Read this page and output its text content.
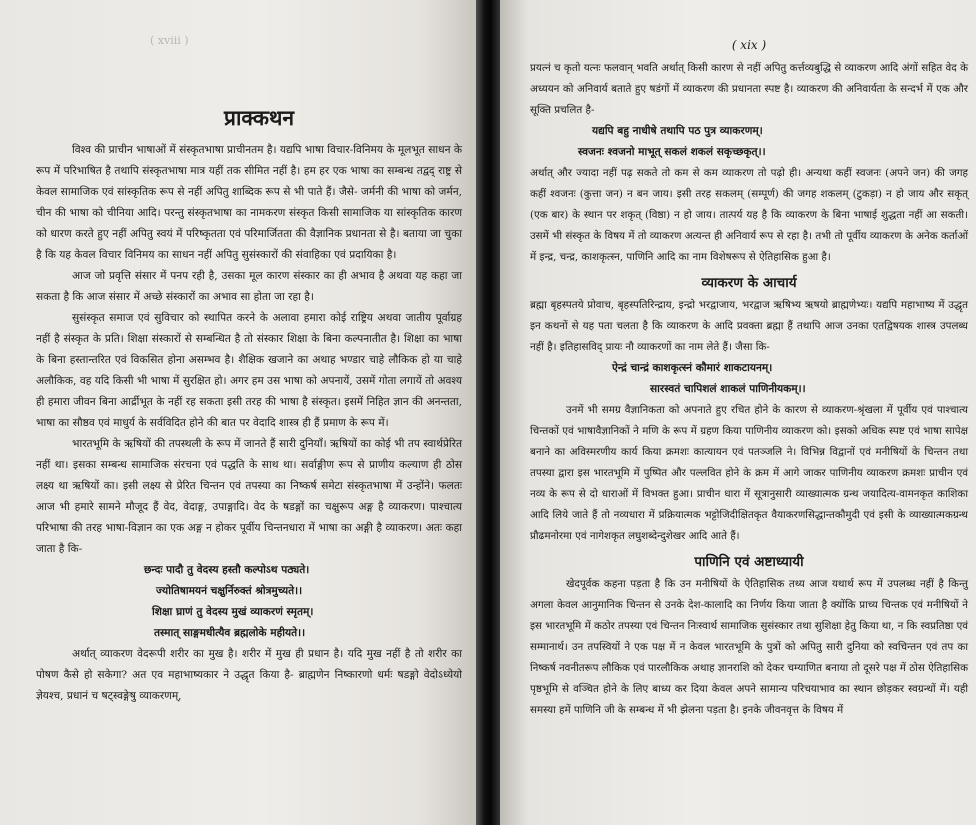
( xviii )
प्राक्कथन

विश्व की प्राचीन भाषाओं में संस्कृतभाषा प्राचीनतम है। यद्यपि भाषा विचार-विनिमय के मूलभूत साधन के रूप में परिभाषित है तथापि संस्कृतभाषा मात्र यहीं तक सीमित नहीं है। हम हर एक भाषा का सम्बन्ध तद्वद् राष्ट्र से केवल सामाजिक एवं सांस्कृतिक रूप से नहीं अपितु शाब्दिक रूप से भी पाते हैं। जैसे- जर्मनी की भाषा को जर्मन, चीन की भाषा को चीनिया आदि। परन्तु संस्कृतभाषा का नामकरण संस्कृत किसी सामाजिक या सांस्कृतिक कारण को धारण करते हुए नहीं अपितु स्वयं में परिष्कृतता एवं परिमार्जितता की वैज्ञानिक प्रधानता से है। बताया जा चुका है कि यह केवल विचार विनिमय का साधन नहीं अपितु सुसंस्कारों की संवाहिका एवं प्रदायिका है।

आज जो प्रवृत्ति संसार में पनप रही है, उसका मूल कारण संस्कार का ही अभाव है अथवा यह कहा जा सकता है कि आज संसार में अच्छे संस्कारों का अभाव सा होता जा रहा है।

सुसंस्कृत समाज एवं सुविचार को स्थापित करने के अलावा हमारा कोई राष्ट्रिय अथवा जातीय पूर्वाग्रह नहीं है संस्कृत के प्रति। शिक्षा संस्कारों से सम्बन्धित है तो संस्कार शिक्षा के बिना कल्पनातीत है। शिक्षा का भाषा के बिना हस्तान्तरित एवं विकसित होना असम्भव है। शैक्षिक खजाने का अथाह भण्डार चाहे लौकिक हो या चाहे अलौकिक, वह यदि किसी भी भाषा में सुरक्षित हो। अगर हम उस भाषा को अपनायें, उसमें गोता लगायें तो अवश्य ही हमारा जीवन बिना आर्द्रीभूत के नहीं रह सकता इसी तरह की भाषा है संस्कृत। इसमें निहित ज्ञान की अनन्तता, भाषा का सौष्ठव एवं माधुर्य के सर्वविदित होने की बात पर वेदादि शास्त्र ही हैं प्रमाण के रूप में।

भारतभूमि के ऋषियों की तपस्थली के रूप में जानते हैं सारी दुनियाँ। ऋषियों का कोई भी तप स्वार्थप्रेरित नहीं था। इसका सम्बन्ध सामाजिक संरचना एवं पद्धति के साथ था। सर्वाङ्गीण रूप से प्राणीय कल्याण ही ठोस लक्ष्य था ऋषियों का। इसी लक्ष्य से प्रेरित चिन्तन एवं तपस्या का निष्कर्ष समेटा संस्कृतभाषा में उन्होंने। फलतः आज भी हमारे सामने मौजूद हैं वेद, वेदाङ्ग, उपाङ्गादि। वेद के षडङ्गों का चक्षुरूप अङ्ग है व्याकरण। पाश्चात्य परिभाषा की तरह भाषा-विज्ञान का एक अङ्ग न होकर पूर्वीय चिन्तनधारा में भाषा का अङ्गी है व्याकरण। अतः कहा जाता है कि-

छन्दः पादौ तु वेदस्य हस्तौ कल्पोऽथ पठ्यते।
ज्योतिषामयनं चक्षुर्निरुक्तं श्रोत्रमुच्यते।।
शिक्षा घ्राणं तु वेदस्य मुखं व्याकरणं स्मृतम्।
तस्मात् साङ्गमधीत्यैव ब्रह्मलोके महीयते।।

अर्थात् व्याकरण वेदरूपी शरीर का मुख है। शरीर में मुख ही प्रधान है। यदि मुख नहीं है तो शरीर का पोषण कैसे हो सकेगा? अत एव महाभाष्यकार ने उद्धृत किया है- ब्राह्मणेन निष्कारणो धर्मः षडङ्गो वेदोऽध्येयो ज्ञेयश्च, प्रधानं च षट्स्वङ्गेषु व्याकरणम्,

( xix )

प्रयत्नं च कृतो यत्नः फलवान् भवति अर्थात् किसी कारण से नहीं अपितु कर्त्तव्यबुद्धि से व्याकरण आदि अंगों सहित वेद के अध्ययन को अनिवार्य बताते हुए षडंगों में व्याकरण की प्रधानता स्पष्ट है। व्याकरण की अनिवार्यता के सन्दर्भ में एक और सूक्ति प्रचलित है-

यद्यपि बहु नाधीषे तथापि पठ पुत्र व्याकरणम्।
स्वजनः श्वजनो माभूत् सकलं शकलं सकृच्छकृत्।।

अर्थात् और ज्यादा नहीं पढ़ सकते तो कम से कम व्याकरण तो पढ़ो ही। अन्यथा कहीं स्वजनः (अपने जन) की जगह कहीं श्वजनः (कुत्ता जन) न बन जाय। इसी तरह सकलम् (सम्पूर्ण) की जगह शकलम् (टुकड़ा) न हो जाय और सकृत् (एक बार) के स्थान पर शकृत् (विष्ठा) न हो जाय। तात्पर्य यह है कि व्याकरण के बिना भाषाई शुद्धता नहीं आ सकती। उसमें भी संस्कृत के विषय में तो व्याकरण अत्यन्त ही अनिवार्य रूप से रहा है। तभी तो पूर्वीय व्याकरण के अनेक कर्ताओं में इन्द्र, चन्द्र, काशकृत्स्न, पाणिनि आदि का नाम विशेषरूप से ऐतिहासिक हुआ है।

व्याकरण के आचार्य

ब्रह्मा बृहस्पतये प्रोवाच, बृहस्पतिरिन्द्राय, इन्द्रो भरद्वाजाय, भरद्वाज ऋषिभ्य ऋषयो ब्राह्मणेभ्यः। यद्यपि महाभाष्य में उद्धृत इन कथनों से यह पता चलता है कि व्याकरण के आदि प्रवक्ता ब्रह्मा हैं तथापि आज उनका एतद्विषयक शास्त्र उपलब्ध नहीं है। इतिहासविद् प्रायः नौ व्याकरणों का नाम लेते हैं। जैसा कि-

ऐन्द्रं चान्द्रं काशकृत्स्नं कौमारं शाकटायनम्।
सारस्वतं चापिशलं शाकलं पाणिनीयकम्।।

उनमें भी समग्र वैज्ञानिकता को अपनाते हुए रचित होने के कारण से व्याकरण-श्रृंखला में पूर्वीय एवं पाश्चात्य चिन्तकों एवं भाषावैज्ञानिकों ने मणि के रूप में ग्रहण किया पाणिनीय व्याकरण को। इसको अधिक स्पष्ट एवं भाषा सापेक्ष बनाने का अविस्मरणीय कार्य किया क्रमशः कात्यायन एवं पतञ्जलि ने। विभिन्न विद्वानों एवं मनीषियों के चिन्तन तथा तपस्या द्वारा इस भारतभूमि में पुष्पित और पल्लवित होने के क्रम में आगे जाकर पाणिनीय व्याकरण क्रमशः प्राचीन एवं नव्य के रूप से दो धाराओं में विभक्त हुआ। प्राचीन धारा में सूत्रानुसारी व्याख्यात्मक ग्रन्थ जयादित्य-वामनकृत काशिका आदि लिये जाते हैं तो नव्यधारा में प्रक्रियात्मक भट्टोजिदीक्षितकृत वैयाकरणसिद्धान्तकौमुदी एवं इसी के व्याख्यात्मकग्रन्थ प्रौढमनोरमा एवं नागेशकृत लघुशब्देन्दुशेखर आदि आते हैं।

पाणिनि एवं अष्टाध्यायी

खेदपूर्वक कहना पड़ता है कि उन मनीषियों के ऐतिहासिक तथ्य आज यथार्थ रूप में उपलब्ध नहीं है किन्तु अगला केवल आनुमानिक चिन्तन से उनके देश-कालादि का निर्णय किया जाता है क्योंकि प्राच्य चिन्तक एवं मनीषियों ने इस भारतभूमि में कठोर तपस्या एवं चिन्तन निःस्वार्थ सामाजिक सुसंस्कार तथा सुशिक्षा हेतु किया था, न कि स्वप्रतिष्ठा एवं सम्मानार्थ। उन तपस्वियों ने एक पक्ष में न केवल भारतभूमि के पुत्रों को अपितु सारी दुनिया को स्वचिन्तन एवं तप का निष्कर्ष नवनीतरूप लौकिक एवं पारलौकिक अथाह ज्ञानराशि को देकर चम्याणित बनाया तो दूसरे पक्ष में ठोस ऐतिहासिक पृष्ठभूमि से वञ्चित होने के लिए बाध्य कर दिया केवल अपने सामान्य परिचयाभाव का स्थान छोड़कर स्वग्रन्थों में। यही समस्या हमें पाणिनि जी के सम्बन्ध में भी झेलना पड़ता है। इनके जीवनवृत्त के विषय में
